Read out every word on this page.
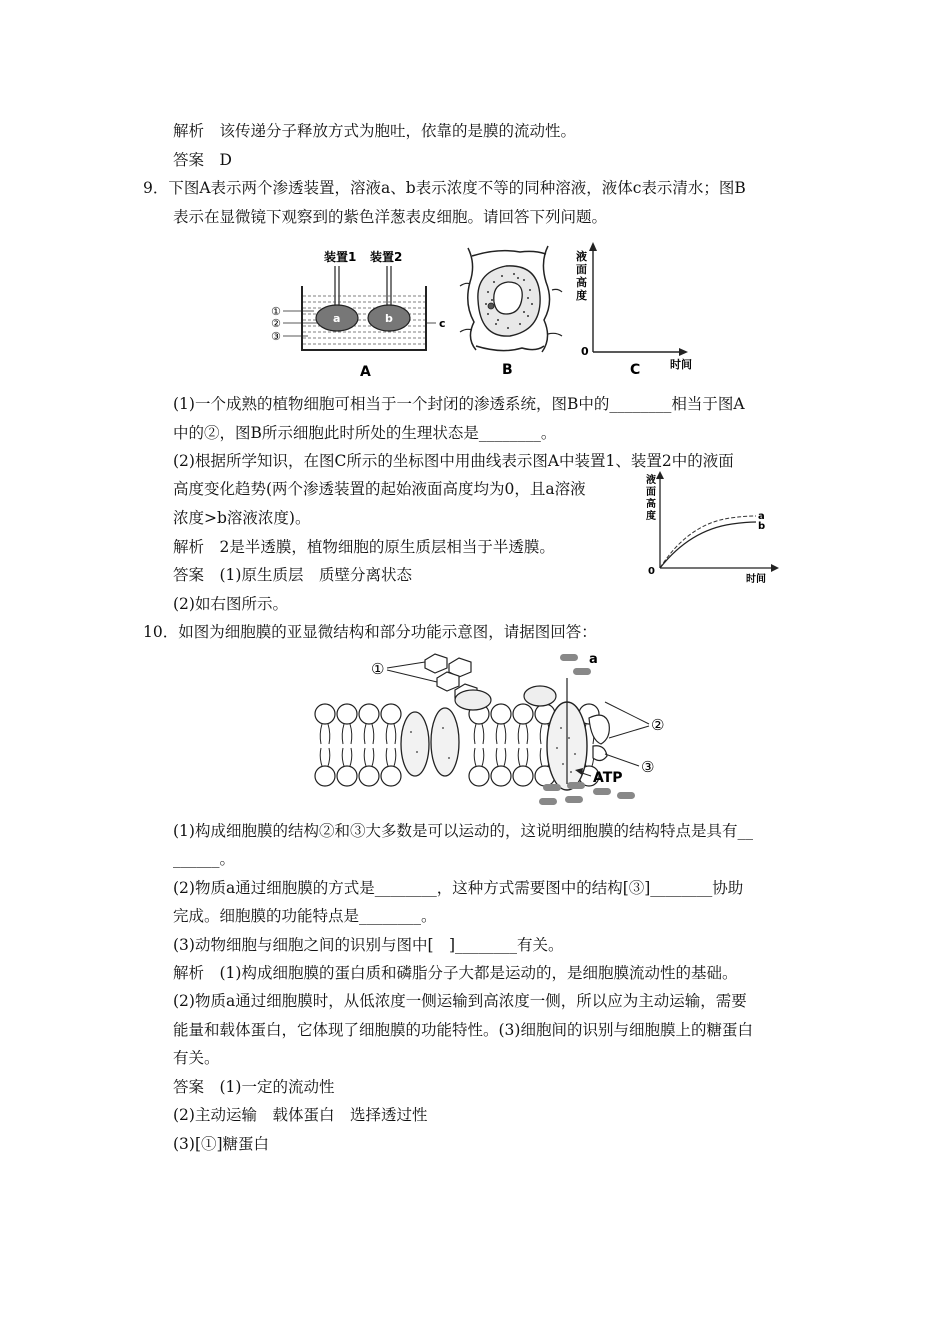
解析　该传递分子释放方式为胞吐，依靠的是膜的流动性。
答案　D
9．下图A表示两个渗透装置，溶液a、b表示浓度不等的同种溶液，液体c表示清水；图B
表示在显微镜下观察到的紫色洋葱表皮细胞。请回答下列问题。
装置1 装置2
a	b
①
②
③
c
A	B
液
面
高
度
0
时间
C
(1)一个成熟的植物细胞可相当于一个封闭的渗透系统，图B中的________相当于图A
中的②，图B所示细胞此时所处的生理状态是________。
(2)根据所学知识，在图C所示的坐标图中用曲线表示图A中装置1、装置2中的液面
高度变化趋势(两个渗透装置的起始液面高度均为0，且a溶液
浓度>b溶液浓度)。
液
面
高
度	a
b
0
时间
解析　2是半透膜，植物细胞的原生质层相当于半透膜。
答案　(1)原生质层　质壁分离状态
(2)如右图所示。
10．如图为细胞膜的亚显微结构和部分功能示意图，请据图回答：
①
a
②
③
ATP
(1)构成细胞膜的结构②和③大多数是可以运动的，这说明细胞膜的结构特点是具有__
______。
(2)物质a通过细胞膜的方式是________，这种方式需要图中的结构[③]________协助
完成。细胞膜的功能特点是________。
(3)动物细胞与细胞之间的识别与图中[　]________有关。
解析　(1)构成细胞膜的蛋白质和磷脂分子大都是运动的，是细胞膜流动性的基础。
(2)物质a通过细胞膜时，从低浓度一侧运输到高浓度一侧，所以应为主动运输，需要
能量和载体蛋白，它体现了细胞膜的功能特性。(3)细胞间的识别与细胞膜上的糖蛋白
有关。
答案　(1)一定的流动性
(2)主动运输　载体蛋白　选择透过性
(3)[①]糖蛋白
